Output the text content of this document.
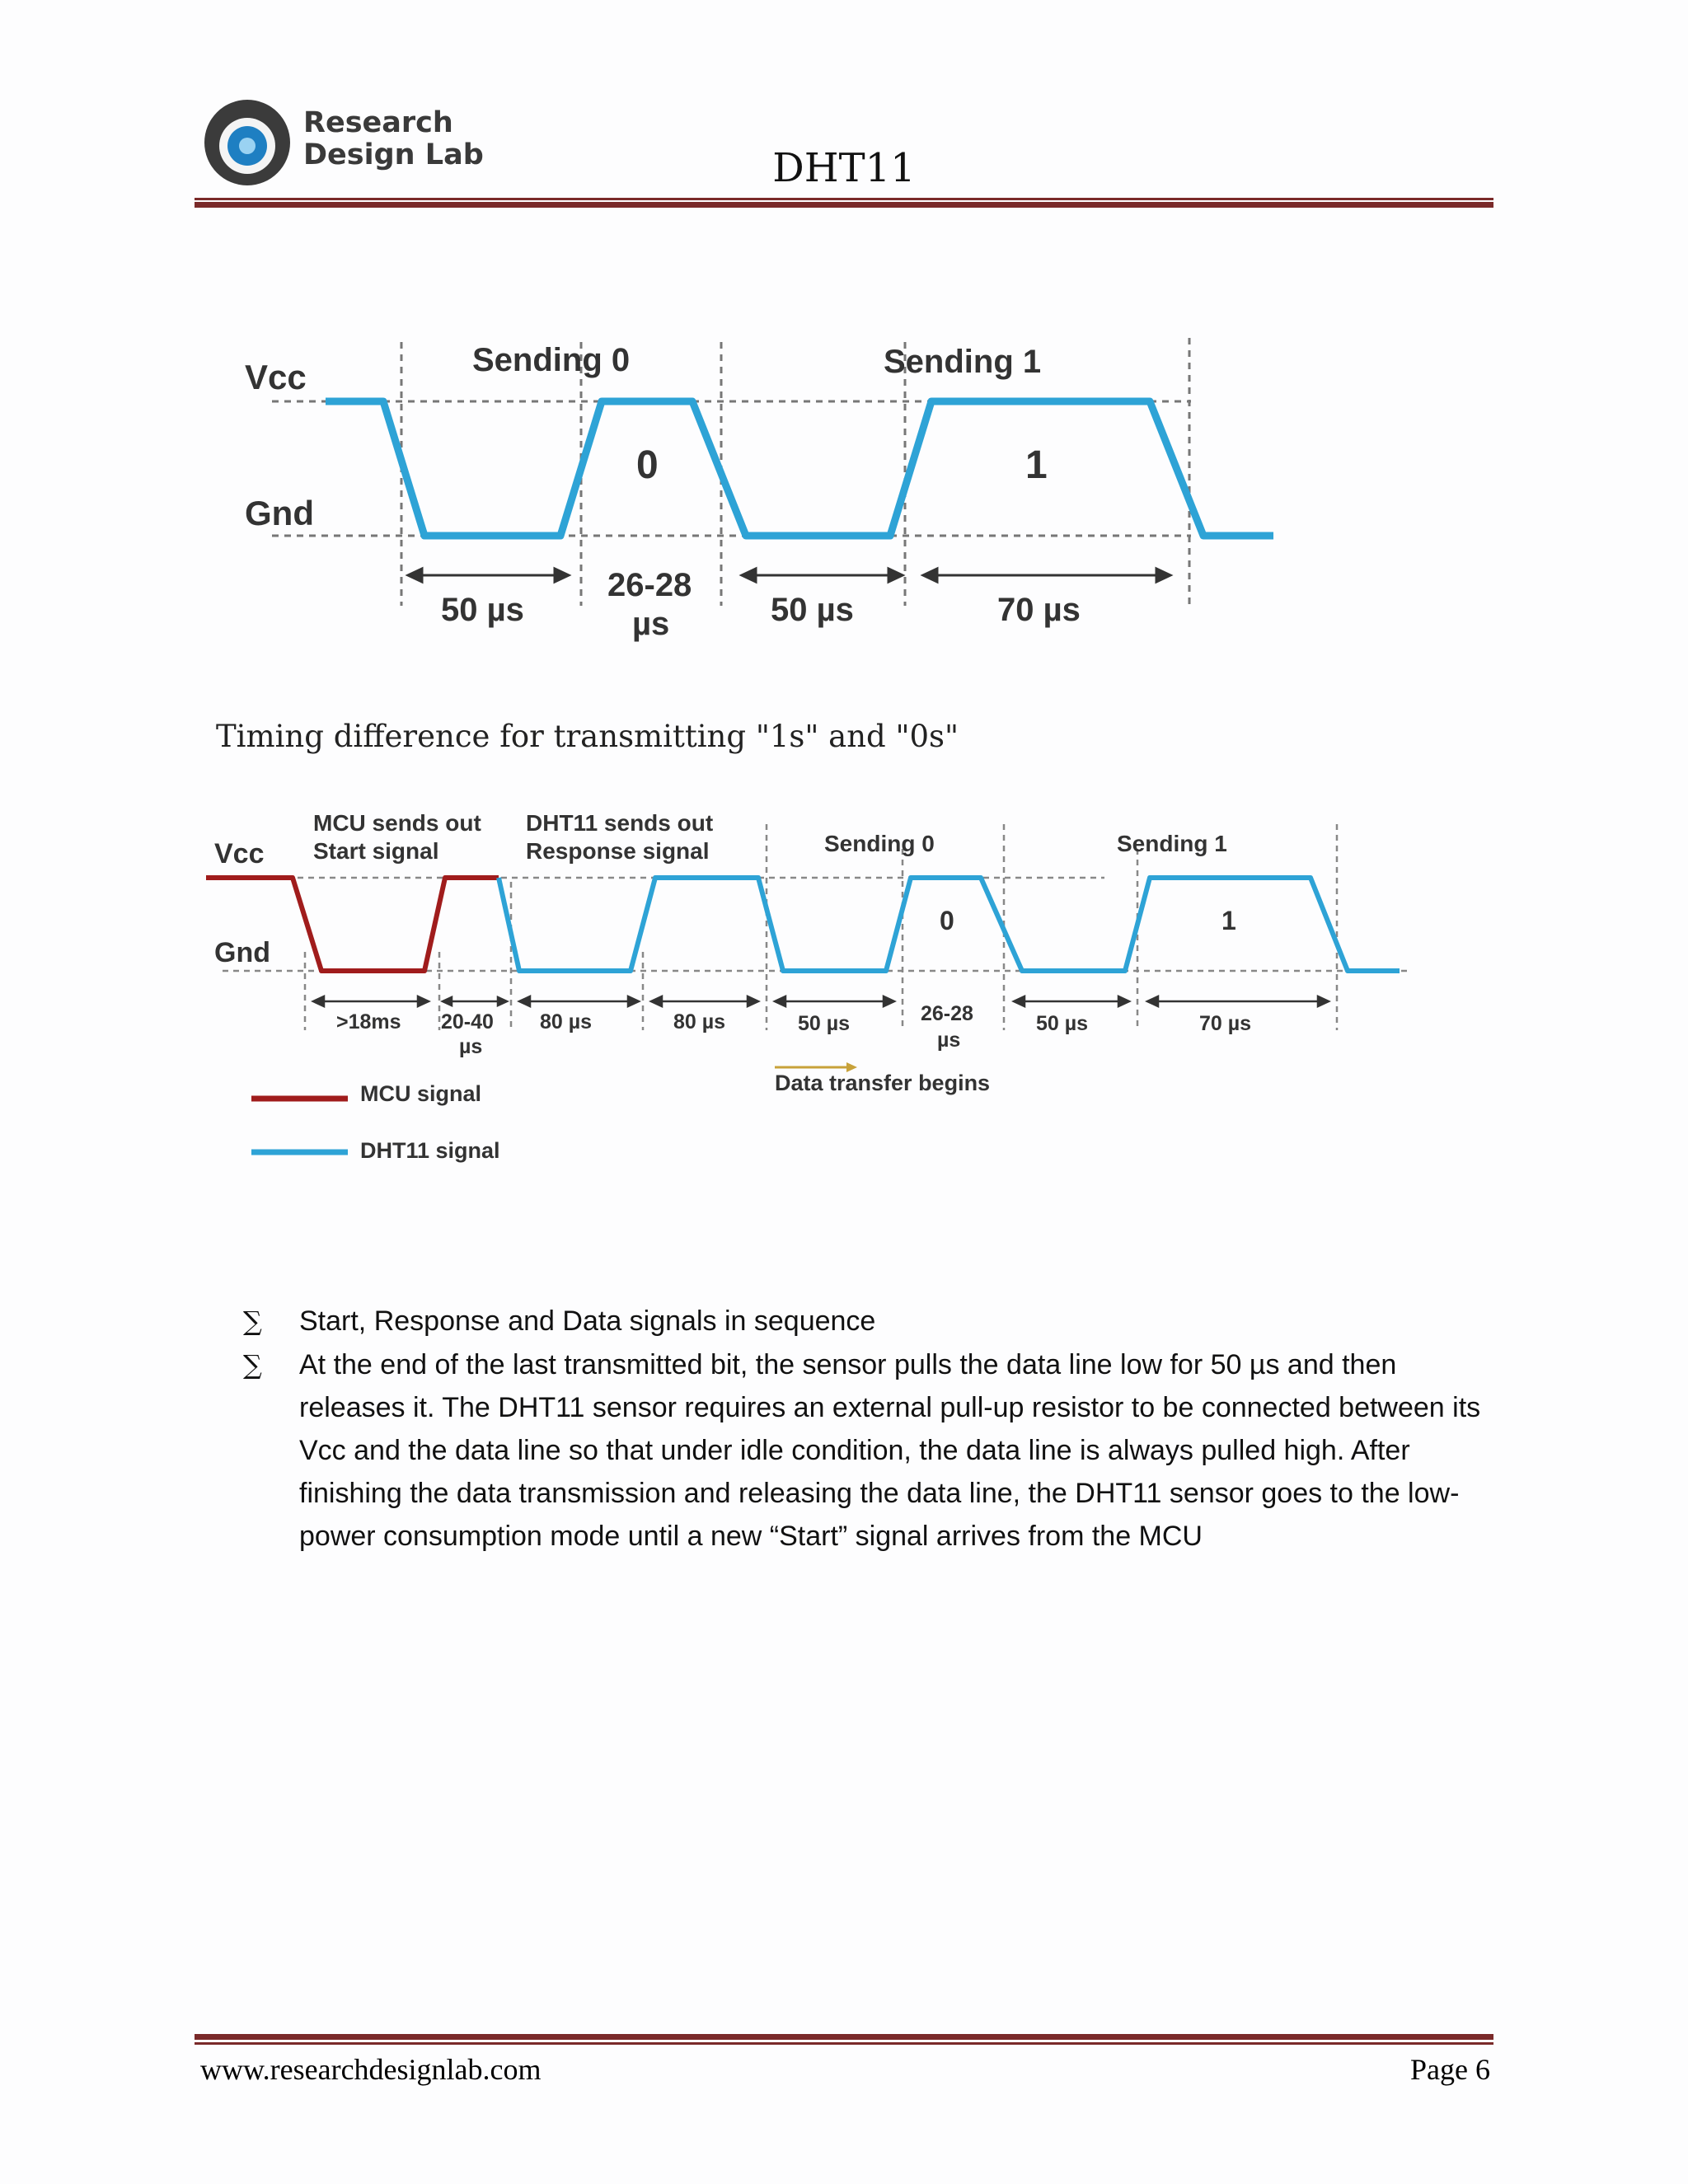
Research
Design Lab	DHT11
Vcc
Gnd
Sending 0	Sending 1
0	1
50 µs
26-28
µs	50 µs	70 µs
Timing difference for transmitting "1s" and "0s"
Vcc
Gnd
MCU sends out
Start signal
DHT11 sends out
Response signal	Sending 0	Sending 1
0	1
>18ms 20-40
µs
80 µs	80 µs	50 µs	26-28
µs
50 µs	70 µs
Data transfer begins
MCU signal
DHT11 signal
∑ Start, Response and Data signals in sequence
∑ At the end of the last transmitted bit, the sensor pulls the data line low for 50 µs and then releases it. The DHT11 sensor requires an external pull-up resistor to be connected between its Vcc and the data line so that under idle condition, the data line is always pulled high. After finishing the data transmission and releasing the data line, the DHT11 sensor goes to the low-power consumption mode until a new “Start” signal arrives from the MCU
www.researchdesignlab.com	Page 6
